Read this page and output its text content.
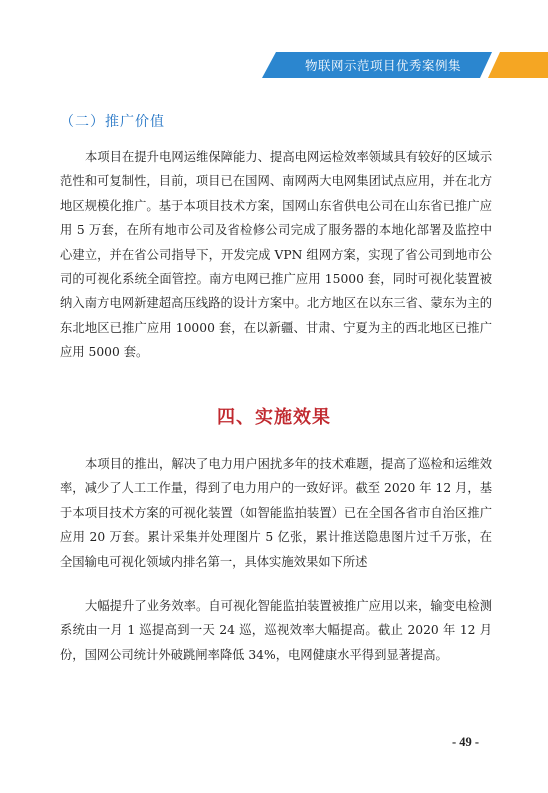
物联网示范项目优秀案例集
（二）推广价值

本项目在提升电网运维保障能力、提高电网运检效率领域具有较好的区域示范性和可复制性，目前，项目已在国网、南网两大电网集团试点应用，并在北方地区规模化推广。基于本项目技术方案，国网山东省供电公司在山东省已推广应用 5 万套，在所有地市公司及省检修公司完成了服务器的本地化部署及监控中心建立，并在省公司指导下，开发完成 VPN 组网方案，实现了省公司到地市公司的可视化系统全面管控。南方电网已推广应用 15000 套，同时可视化装置被纳入南方电网新建超高压线路的设计方案中。北方地区在以东三省、蒙东为主的东北地区已推广应用 10000 套，在以新疆、甘肃、宁夏为主的西北地区已推广应用 5000 套。

四、实施效果

本项目的推出，解决了电力用户困扰多年的技术难题，提高了巡检和运维效率，减少了人工工作量，得到了电力用户的一致好评。截至 2020 年 12 月，基于本项目技术方案的可视化装置（如智能监拍装置）已在全国各省市自治区推广应用 20 万套。累计采集并处理图片 5 亿张，累计推送隐患图片过千万张，在全国输电可视化领域内排名第一，具体实施效果如下所述

大幅提升了业务效率。自可视化智能监拍装置被推广应用以来，输变电检测系统由一月 1 巡提高到一天 24 巡，巡视效率大幅提高。截止 2020 年 12 月份，国网公司统计外破跳闸率降低 34%，电网健康水平得到显著提高。

- 49 -
